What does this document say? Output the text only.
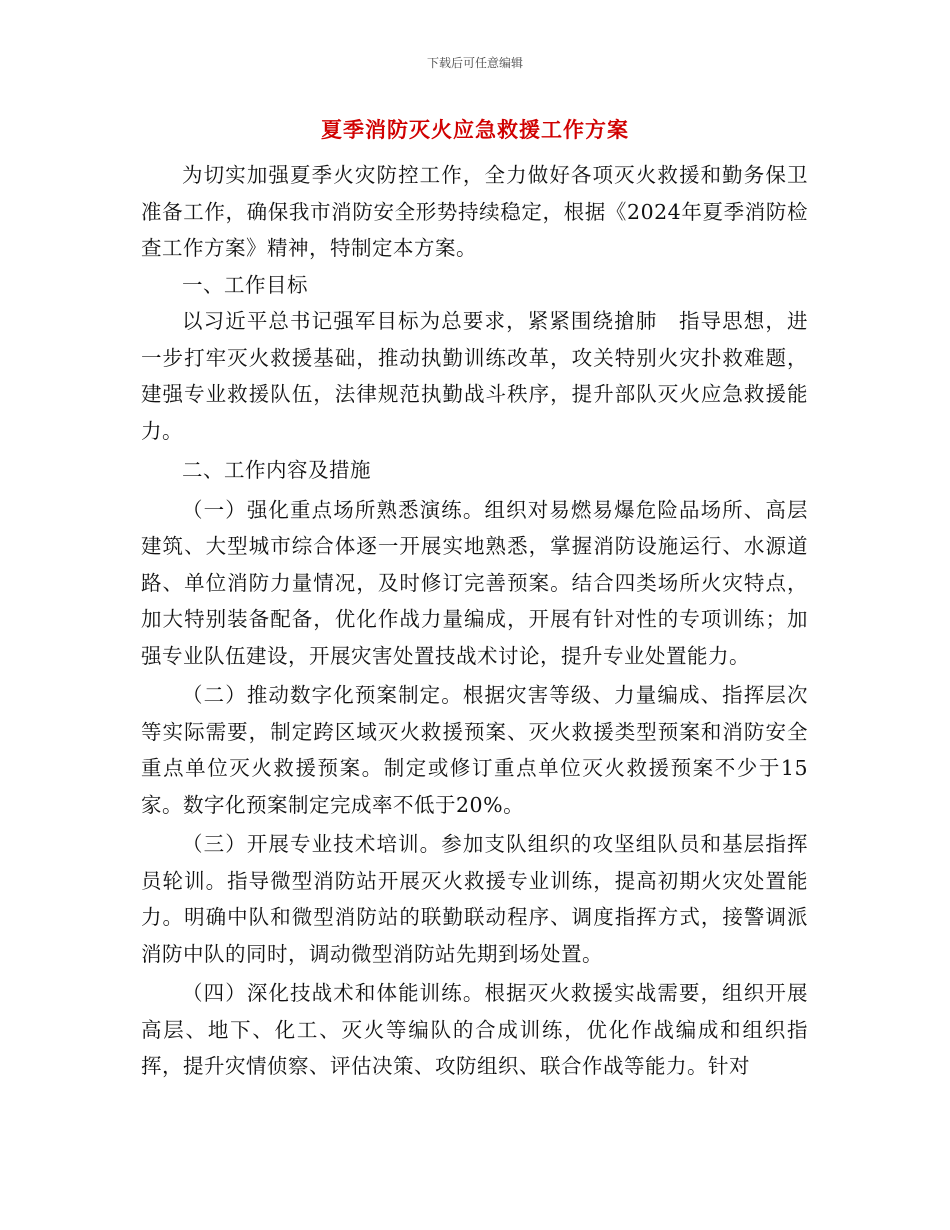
下载后可任意编辑
夏季消防灭火应急救援工作方案

为切实加强夏季火灾防控工作，全力做好各项灭火救援和勤务保卫准备工作，确保我市消防安全形势持续稳定，根据《2024年夏季消防检查工作方案》精神，特制定本方案。

一、工作目标

以习近平总书记强军目标为总要求，紧紧围绕搶肺　指导思想，进一步打牢灭火救援基础，推动执勤训练改革，攻关特别火灾扑救难题，建强专业救援队伍，法律规范执勤战斗秩序，提升部队灭火应急救援能力。

二、工作内容及措施

（一）强化重点场所熟悉演练。组织对易燃易爆危险品场所、高层建筑、大型城市综合体逐一开展实地熟悉，掌握消防设施运行、水源道路、单位消防力量情况，及时修订完善预案。结合四类场所火灾特点，加大特别装备配备，优化作战力量编成，开展有针对性的专项训练；加强专业队伍建设，开展灾害处置技战术讨论，提升专业处置能力。

（二）推动数字化预案制定。根据灾害等级、力量编成、指挥层次等实际需要，制定跨区域灭火救援预案、灭火救援类型预案和消防安全重点单位灭火救援预案。制定或修订重点单位灭火救援预案不少于15家。数字化预案制定完成率不低于20%。

（三）开展专业技术培训。参加支队组织的攻坚组队员和基层指挥员轮训。指导微型消防站开展灭火救援专业训练，提高初期火灾处置能力。明确中队和微型消防站的联勤联动程序、调度指挥方式，接警调派消防中队的同时，调动微型消防站先期到场处置。

（四）深化技战术和体能训练。根据灭火救援实战需要，组织开展高层、地下、化工、灭火等编队的合成训练，优化作战编成和组织指挥，提升灾情侦察、评估决策、攻防组织、联合作战等能力。针对
